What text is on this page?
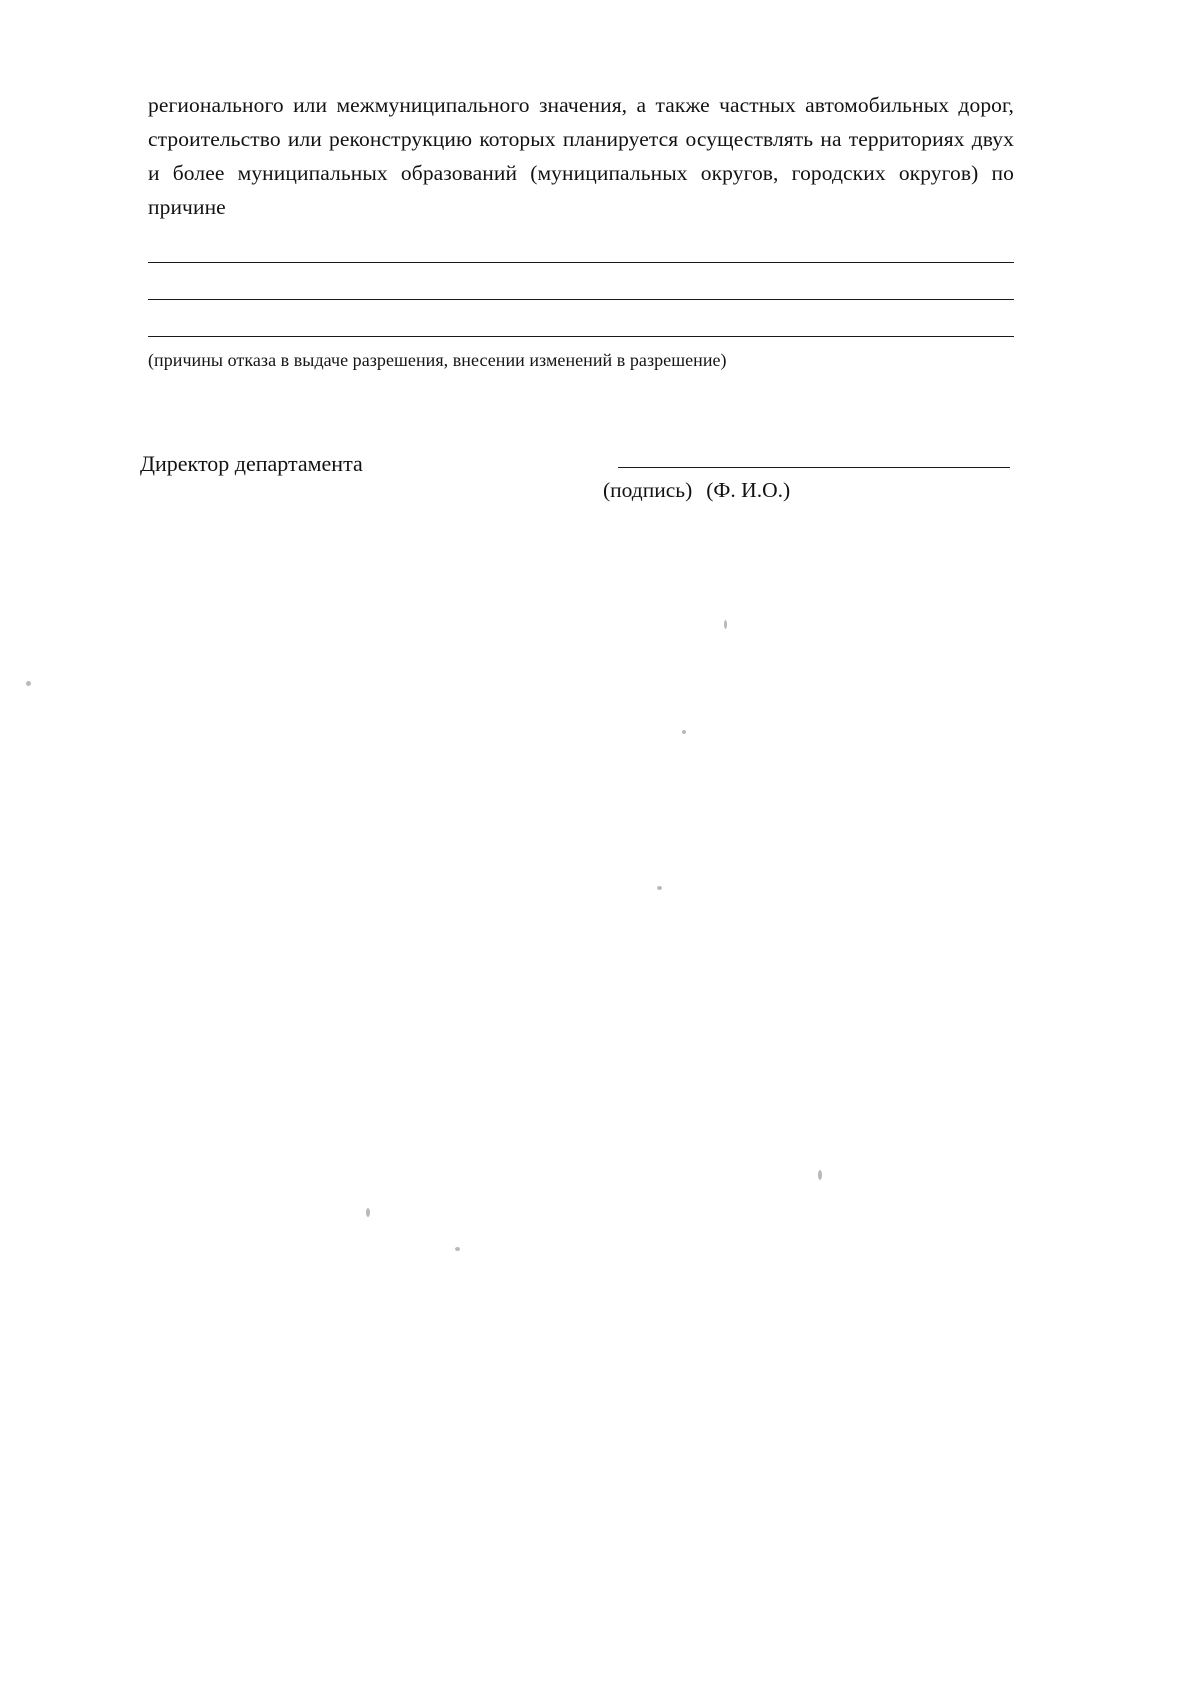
регионального или межмуниципального значения, а также частных автомобильных дорог, строительство или реконструкцию которых планируется осуществлять на территориях двух и более муниципальных образований (муниципальных округов, городских округов) по причине

(причины отказа в выдаче разрешения, внесении изменений в разрешение)
Директор департамента
(подпись) (Ф. И.О.)
